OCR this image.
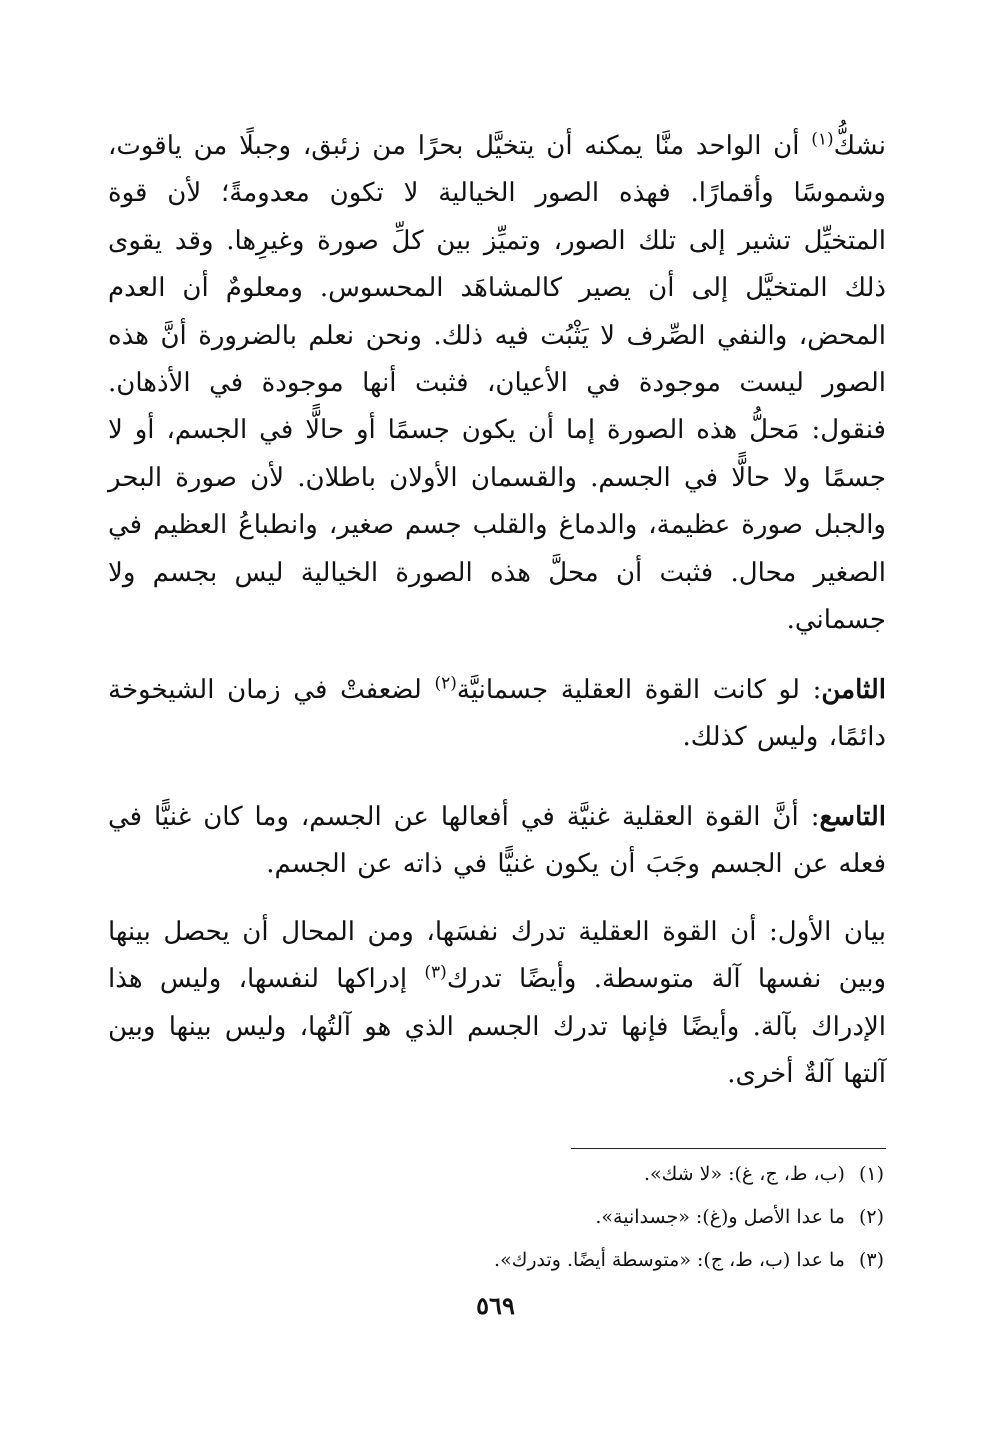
نشكُّ$^{(١)}$ أن الواحد منَّا يمكنه أن يتخيَّل بحرًا من زئبق، وجبلًا من ياقوت، وشموسًا وأقمارًا. فهذه الصور الخيالية لا تكون معدومةً؛ لأن قوة المتخيِّل تشير إلى تلك الصور، وتميِّز بين كلِّ صورة وغيرِها. وقد يقوى ذلك المتخيَّل إلى أن يصير كالمشاهَد المحسوس. ومعلومٌ أن العدم المحض، والنفي الصِّرف لا يَثْبُت فيه ذلك. ونحن نعلم بالضرورة أنَّ هذه الصور ليست موجودة في الأعيان، فثبت أنها موجودة في الأذهان. فنقول: مَحلُّ هذه الصورة إما أن يكون جسمًا أو حالًّا في الجسم، أو لا جسمًا ولا حالًّا في الجسم. والقسمان الأولان باطلان. لأن صورة البحر والجبل صورة عظيمة، والدماغ والقلب جسم صغير، وانطباعُ العظيم في الصغير محال. فثبت أن محلَّ هذه الصورة الخيالية ليس بجسم ولا جسماني.

الثامن: لو كانت القوة العقلية جسمانيَّة$^{(٢)}$ لضعفتْ في زمان الشيخوخة دائمًا، وليس كذلك.

التاسع: أنَّ القوة العقلية غنيَّة في أفعالها عن الجسم، وما كان غنيًّا في فعله عن الجسم وجَبَ أن يكون غنيًّا في ذاته عن الجسم.

بيان الأول: أن القوة العقلية تدرك نفسَها، ومن المحال أن يحصل بينها وبين نفسها آلة متوسطة. وأيضًا تدرك$^{(٣)}$ إدراكها لنفسها، وليس هذا الإدراك بآلة. وأيضًا فإنها تدرك الجسم الذي هو آلتُها، وليس بينها وبين آلتها آلةٌ أخرى.

(١)(ب، ط، ج، غ): «لا شك».
(٢)ما عدا الأصل و(غ): «جسدانية».
(٣)ما عدا (ب، ط، ج): «متوسطة أيضًا. وتدرك».
٥٦٩
